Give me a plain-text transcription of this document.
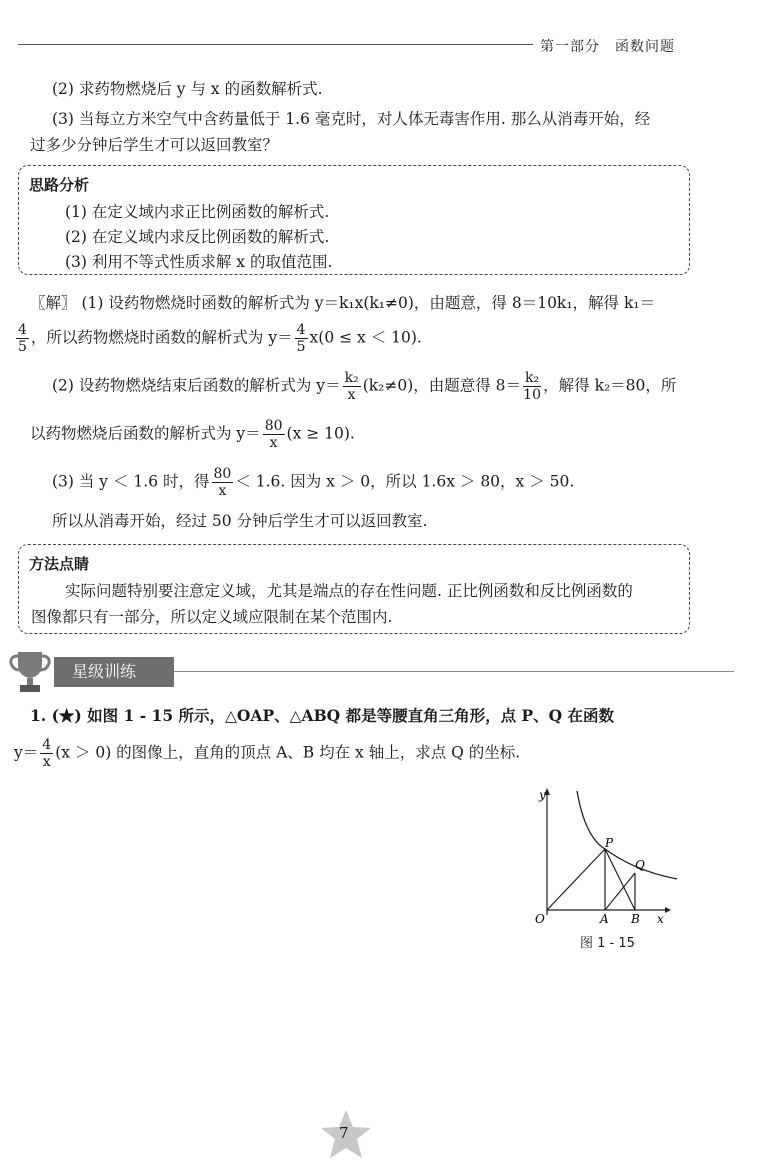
第一部分　函数问题
(2) 求药物燃烧后 y 与 x 的函数解析式.
(3) 当每立方米空气中含药量低于 1.6 毫克时，对人体无毒害作用. 那么从消毒开始，经
过多少分钟后学生才可以返回教室？
思路分析
(1) 在定义域内求正比例函数的解析式.
(2) 在定义域内求反比例函数的解析式.
(3) 利用不等式性质求解 x 的取值范围.
〖解〗 (1) 设药物燃烧时函数的解析式为 y＝k₁x(k₁≠0)，由题意，得 8＝10k₁，解得 k₁＝
$\frac{4}{5}$ ，所以药物燃烧时函数的解析式为 $y= \frac{4}{5} x(0 \le x < 10)$.
(2) 设药物燃烧结束后函数的解析式为 $y= \frac{\text{k₂}}{x} (k_2\ne 0)$，由题意得 $8= \frac{\text{k₂}}{10}$ ，解得 k₂＝80，所
以药物燃烧后函数的解析式为 $y= \frac{80}{x} (x \ge 10)$.
(3) 当 y ＜ 1.6 时，得 $\frac{80}{x} < 1.6$. 因为 x ＞ 0，所以 1.6x ＞ 80，x ＞ 50.
所以从消毒开始，经过 50 分钟后学生才可以返回教室.
方法点睛
实际问题特别要注意定义域，尤其是端点的存在性问题. 正比例函数和反比例函数的
图像都只有一部分，所以定义域应限制在某个范围内.
星级训练
1. (★) 如图 1 - 15 所示，△OAP、△ABQ 都是等腰直角三角形，点 P、Q 在函数
$y= \frac{4}{x} (x > 0)$ 的图像上，直角的顶点 A、B 均在 x 轴上，求点 Q 的坐标.
y
x
O	A B
P
Q
图 1 - 15
7
